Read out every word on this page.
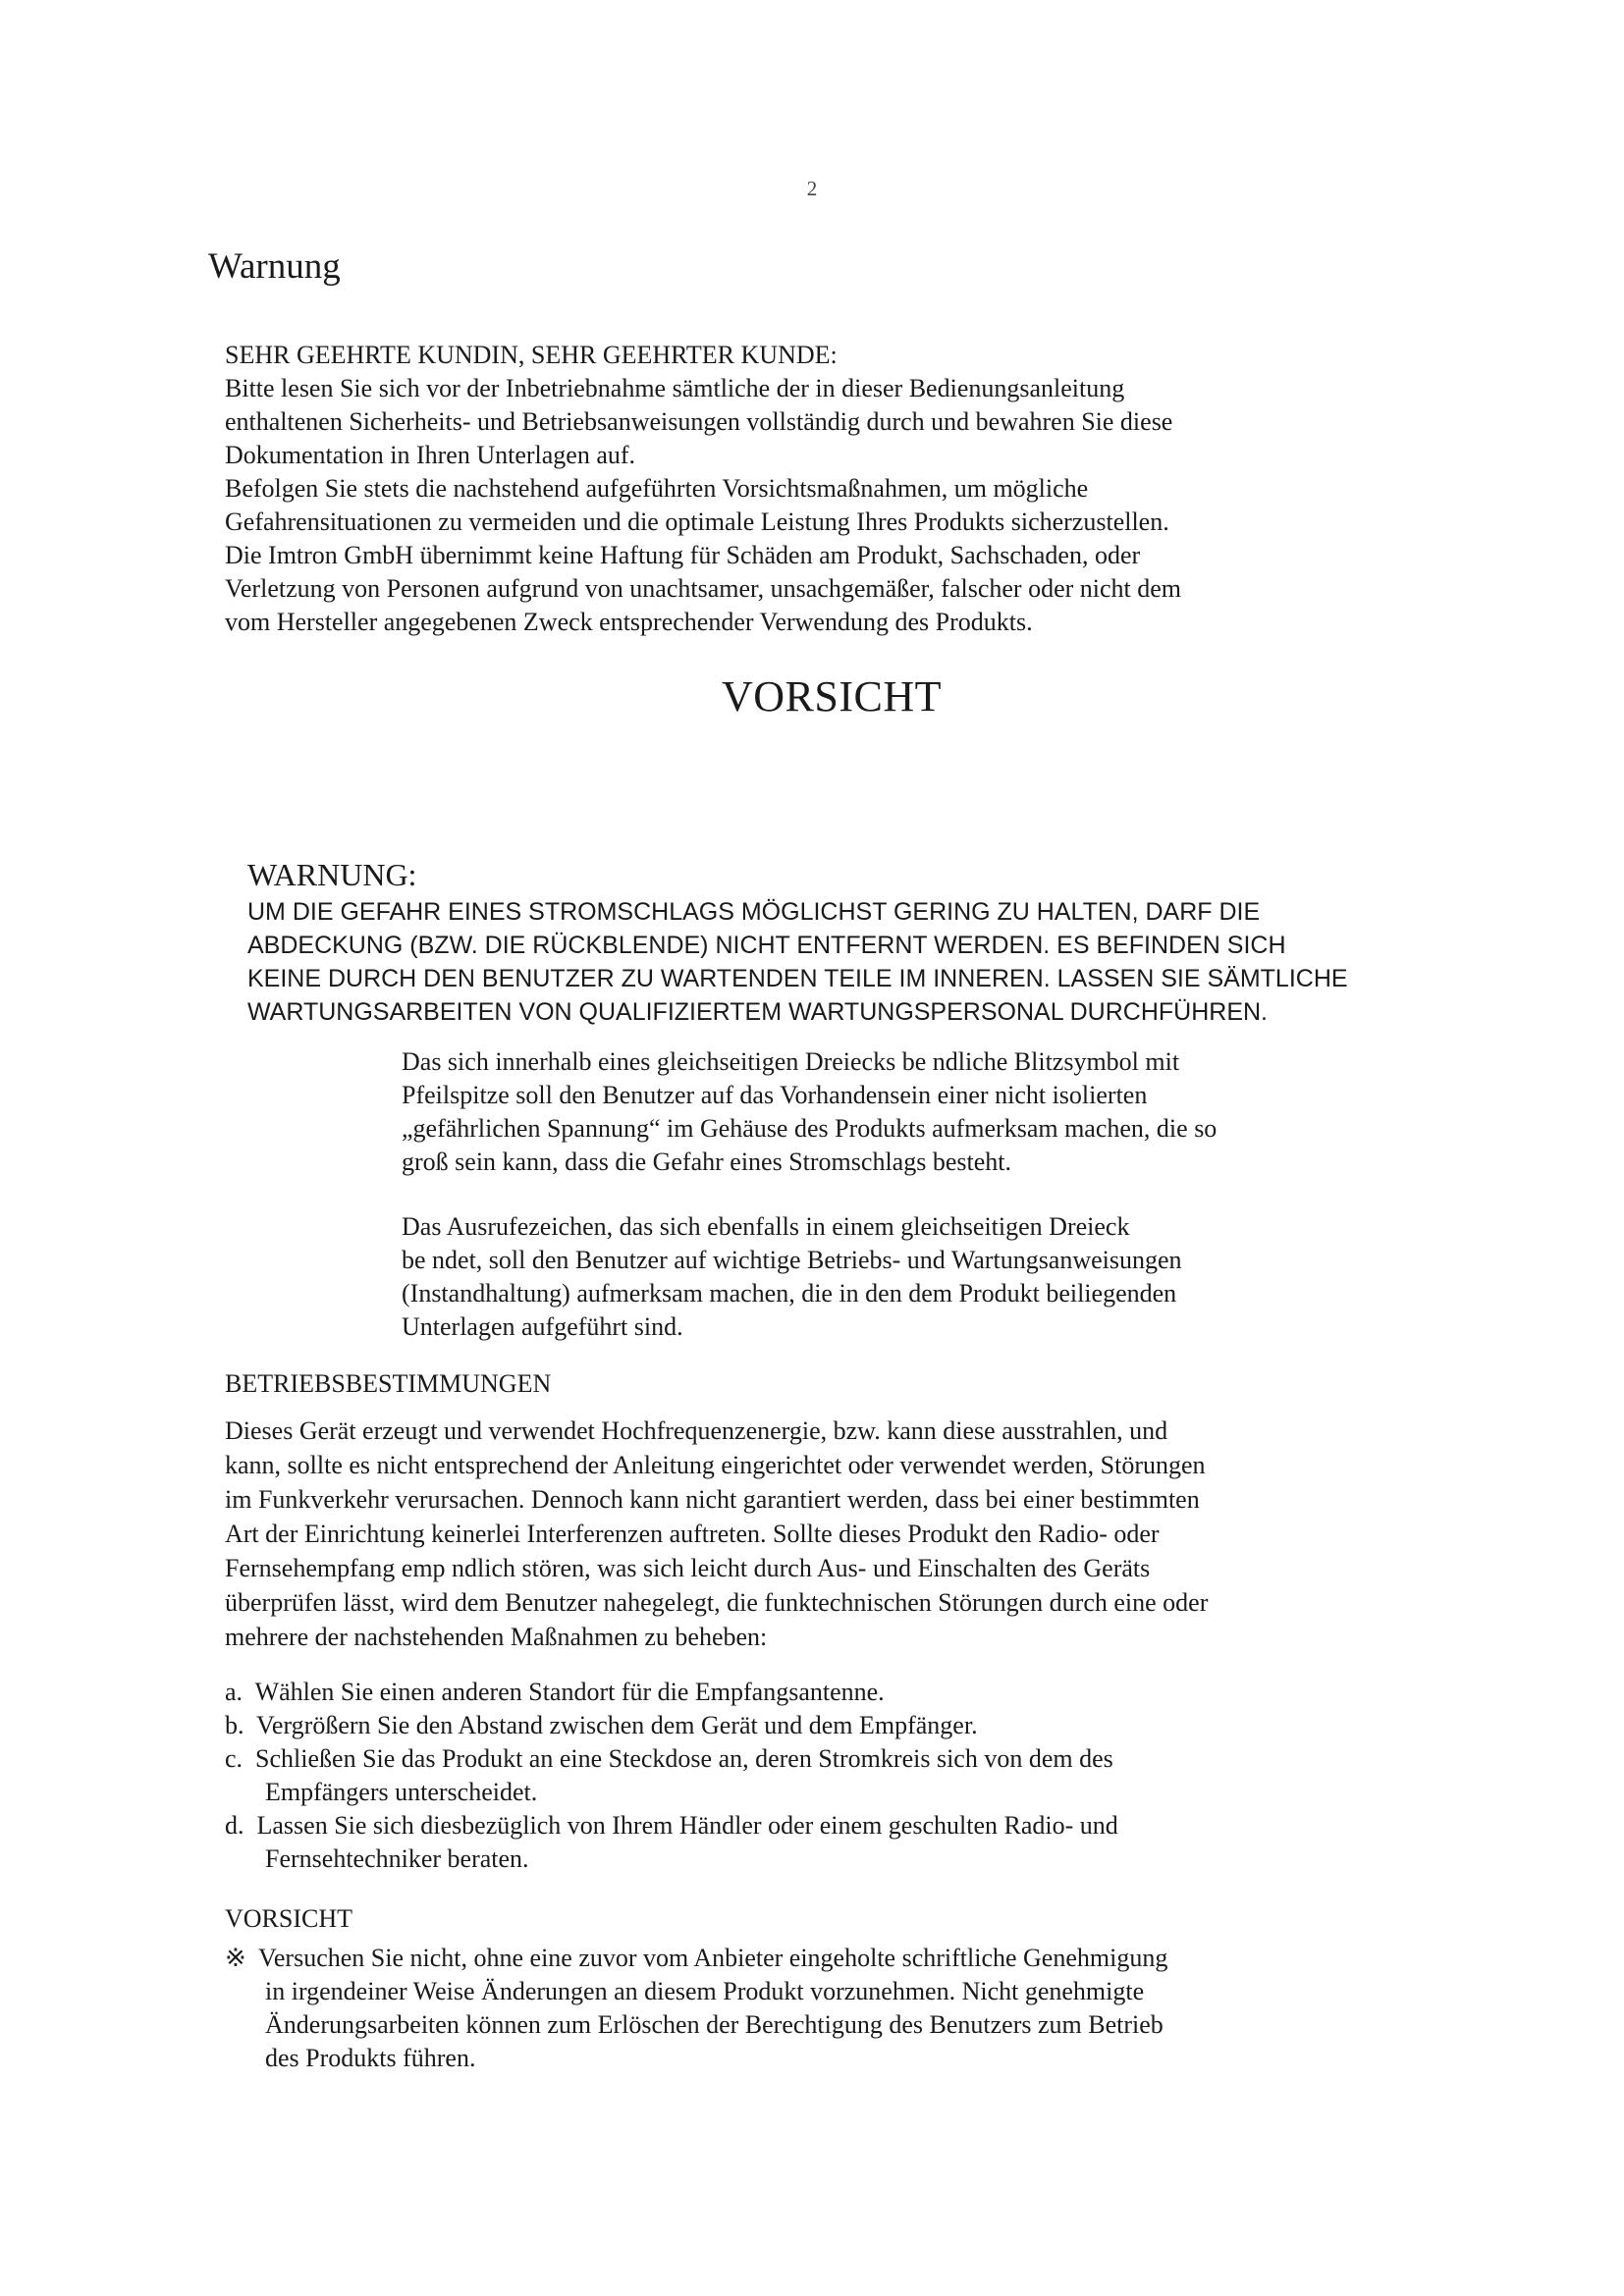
2
Warnung

SEHR GEEHRTE KUNDIN, SEHR GEEHRTER KUNDE:

Bitte lesen Sie sich vor der Inbetriebnahme sämtliche der in dieser Bedienungsanleitung

enthaltenen Sicherheits- und Betriebsanweisungen vollständig durch und bewahren Sie diese

Dokumentation in Ihren Unterlagen auf.

Befolgen Sie stets die nachstehend aufgeführten Vorsichtsmaßnahmen, um mögliche

Gefahrensituationen zu vermeiden und die optimale Leistung Ihres Produkts sicherzustellen.

Die Imtron GmbH übernimmt keine Haftung für Schäden am Produkt, Sachschaden, oder

Verletzung von Personen aufgrund von unachtsamer, unsachgemäßer, falscher oder nicht dem

vom Hersteller angegebenen Zweck entsprechender Verwendung des Produkts.

VORSICHT
WARNUNG:

UM DIE GEFAHR EINES STROMSCHLAGS MÖGLICHST GERING ZU HALTEN, DARF DIE

ABDECKUNG (BZW. DIE RÜCKBLENDE) NICHT ENTFERNT WERDEN. ES BEFINDEN SICH

KEINE DURCH DEN BENUTZER ZU WARTENDEN TEILE IM INNEREN. LASSEN SIE SÄMTLICHE

WARTUNGSARBEITEN VON QUALIFIZIERTEM WARTUNGSPERSONAL DURCHFÜHREN.

Das sich innerhalb eines gleichseitigen Dreiecks be ndliche Blitzsymbol mit

Pfeilspitze soll den Benutzer auf das Vorhandensein einer nicht isolierten

„gefährlichen Spannung“ im Gehäuse des Produkts aufmerksam machen, die so

groß sein kann, dass die Gefahr eines Stromschlags besteht.

Das Ausrufezeichen, das sich ebenfalls in einem gleichseitigen Dreieck

be ndet, soll den Benutzer auf wichtige Betriebs- und Wartungsanweisungen

(Instandhaltung) aufmerksam machen, die in den dem Produkt beiliegenden

Unterlagen aufgeführt sind.

BETRIEBSBESTIMMUNGEN

Dieses Gerät erzeugt und verwendet Hochfrequenzenergie, bzw. kann diese ausstrahlen, und

kann, sollte es nicht entsprechend der Anleitung eingerichtet oder verwendet werden, Störungen

im Funkverkehr verursachen. Dennoch kann nicht garantiert werden, dass bei einer bestimmten

Art der Einrichtung keinerlei Interferenzen auftreten. Sollte dieses Produkt den Radio- oder

Fernsehempfang emp ndlich stören, was sich leicht durch Aus- und Einschalten des Geräts

überprüfen lässt, wird dem Benutzer nahegelegt, die funktechnischen Störungen durch eine oder

mehrere der nachstehenden Maßnahmen zu beheben:

a. Wählen Sie einen anderen Standort für die Empfangsantenne.

b. Vergrößern Sie den Abstand zwischen dem Gerät und dem Empfänger.

c. Schließen Sie das Produkt an eine Steckdose an, deren Stromkreis sich von dem des

Empfängers unterscheidet.

d. Lassen Sie sich diesbezüglich von Ihrem Händler oder einem geschulten Radio- und

Fernsehtechniker beraten.

VORSICHT

※ Versuchen Sie nicht, ohne eine zuvor vom Anbieter eingeholte schriftliche Genehmigung

in irgendeiner Weise Änderungen an diesem Produkt vorzunehmen. Nicht genehmigte

Änderungsarbeiten können zum Erlöschen der Berechtigung des Benutzers zum Betrieb

des Produkts führen.
